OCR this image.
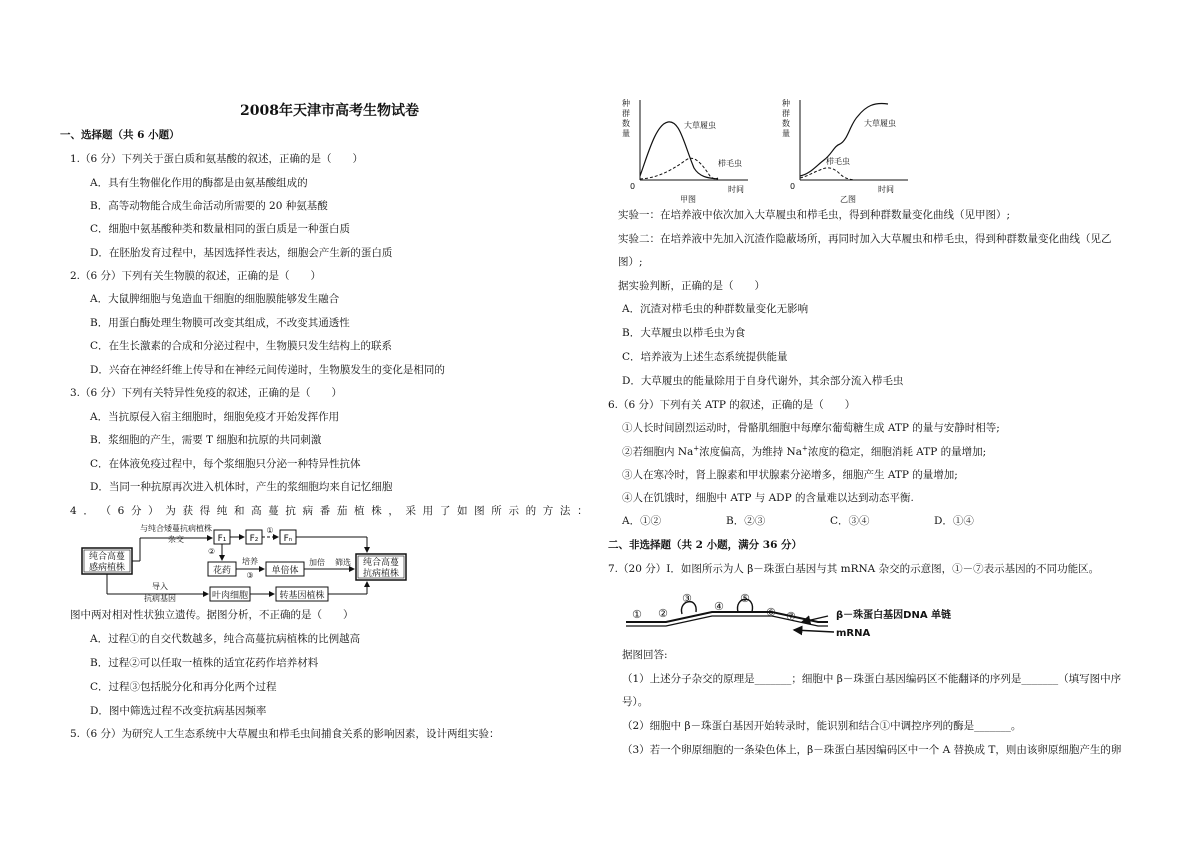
2008年天津市高考生物试卷
一、选择题（共 6 小题）
1.（6 分）下列关于蛋白质和氨基酸的叙述，正确的是（　　）
A．具有生物催化作用的酶都是由氨基酸组成的
B．高等动物能合成生命活动所需要的 20 种氨基酸
C．细胞中氨基酸种类和数量相同的蛋白质是一种蛋白质
D．在胚胎发育过程中，基因选择性表达，细胞会产生新的蛋白质
2.（6 分）下列有关生物膜的叙述，正确的是（　　）
A．大鼠脾细胞与兔造血干细胞的细胞膜能够发生融合
B．用蛋白酶处理生物膜可改变其组成，不改变其通透性
C．在生长激素的合成和分泌过程中，生物膜只发生结构上的联系
D．兴奋在神经纤维上传导和在神经元间传递时，生物膜发生的变化是相同的
3.（6 分）下列有关特异性免疫的叙述，正确的是（　　）
A．当抗原侵入宿主细胞时，细胞免疫才开始发挥作用
B．浆细胞的产生，需要 T 细胞和抗原的共同刺激
C．在体液免疫过程中，每个浆细胞只分泌一种特异性抗体
D．当同一种抗原再次进入机体时，产生的浆细胞均来自记忆细胞
4 ． （ 6 分 ） 为 获 得 纯 和 高 蔓 抗 病 番 茄 植 株 ， 采 用 了 如 图 所 示 的 方 法 ：
纯合高蔓
感病植株
与纯合矮蔓抗病植株
杂交	F₁	F₂
①
Fₙ
②
花药
培养
③ 单倍体
加倍 筛选 纯合高蔓
抗病植株
导入
抗病基因	叶肉细胞	转基因植株
图中两对相对性状独立遗传。据图分析，不正确的是（　　）
A．过程①的自交代数越多，纯合高蔓抗病植株的比例越高
B．过程②可以任取一植株的适宜花药作培养材料
C．过程③包括脱分化和再分化两个过程
D．图中筛选过程不改变抗病基因频率
5.（6 分）为研究人工生态系统中大草履虫和栉毛虫间捕食关系的影响因素，设计两组实验：
种
群
数
量
0	时间
甲图
大草履虫
栉毛虫
种
群
数
量
0	时间
乙图
大草履虫
栉毛虫
实验一：在培养液中依次加入大草履虫和栉毛虫，得到种群数量变化曲线（见甲图）;
实验二：在培养液中先加入沉渣作隐蔽场所，再同时加入大草履虫和栉毛虫，得到种群数量变化曲线（见乙
图）;
据实验判断，正确的是（　　）
A．沉渣对栉毛虫的种群数量变化无影响
B．大草履虫以栉毛虫为食
C．培养液为上述生态系统提供能量
D．大草履虫的能量除用于自身代谢外，其余部分流入栉毛虫
6.（6 分）下列有关 ATP 的叙述，正确的是（　　）
①人长时间剧烈运动时，骨骼肌细胞中每摩尔葡萄糖生成 ATP 的量与安静时相等;
②若细胞内 Na+浓度偏高，为维持 Na+浓度的稳定，细胞消耗 ATP 的量增加;
③人在寒冷时，肾上腺素和甲状腺素分泌增多，细胞产生 ATP 的量增加;
④人在饥饿时，细胞中 ATP 与 ADP 的含量难以达到动态平衡.
A．①②	B．②③	C．③④	D．①④
二、非选择题（共 2 小题，满分 36 分）
7.（20 分）Ⅰ．如图所示为人 β－珠蛋白基因与其 mRNA 杂交的示意图，①－⑦表示基因的不同功能区。
① ②
③
④
⑤
⑥ ⑦	β－珠蛋白基因DNA 单链
mRNA
据图回答:
（1）上述分子杂交的原理是_______；细胞中 β－珠蛋白基因编码区不能翻译的序列是_______（填写图中序
号）。
（2）细胞中 β－珠蛋白基因开始转录时，能识别和结合①中调控序列的酶是_______。
（3）若一个卵原细胞的一条染色体上，β－珠蛋白基因编码区中一个 A 替换成 T，则由该卵原细胞产生的卵
